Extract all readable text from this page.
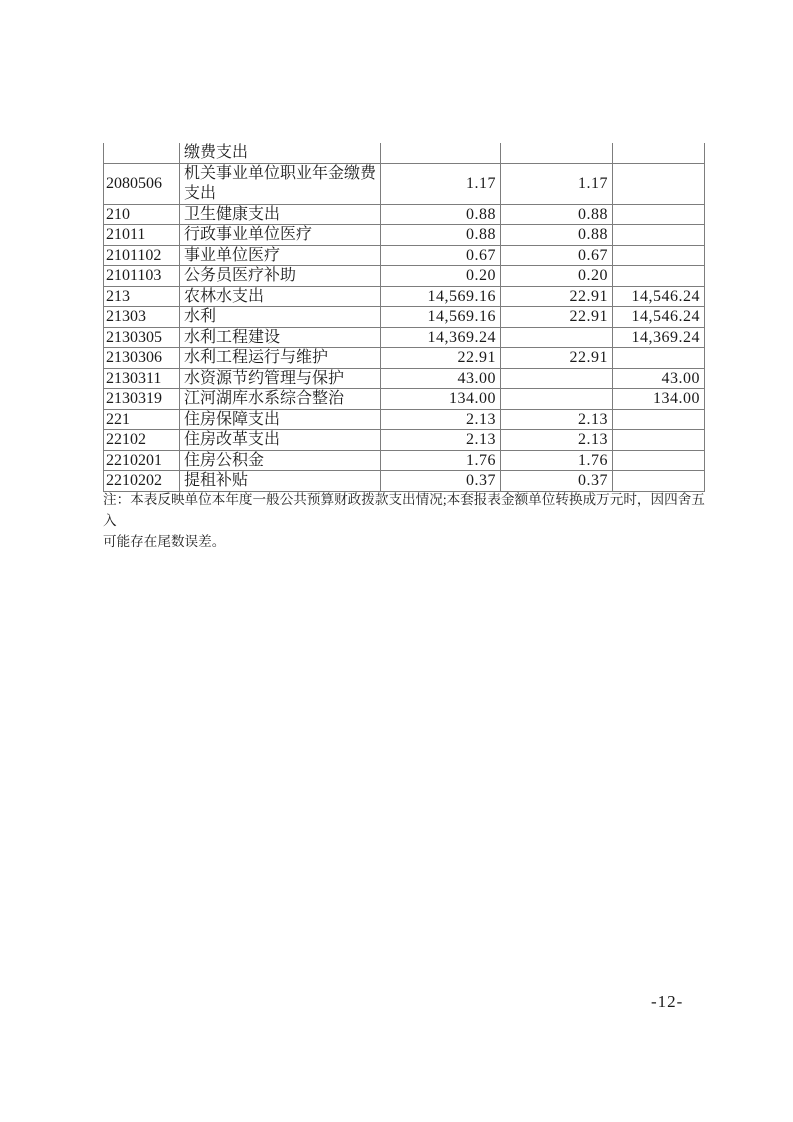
	缴费支出			
2080506	机关事业单位职业年金缴费支出	1.17	1.17	
210	卫生健康支出	0.88	0.88	
21011	行政事业单位医疗	0.88	0.88	
2101102	事业单位医疗	0.67	0.67	
2101103	公务员医疗补助	0.20	0.20	
213	农林水支出	14,569.16	22.91	14,546.24
21303	水利	14,569.16	22.91	14,546.24
2130305	水利工程建设	14,369.24		14,369.24
2130306	水利工程运行与维护	22.91	22.91	
2130311	水资源节约管理与保护	43.00		43.00
2130319	江河湖库水系综合整治	134.00		134.00
221	住房保障支出	2.13	2.13	
22102	住房改革支出	2.13	2.13	
2210201	住房公积金	1.76	1.76	
2210202	提租补贴	0.37	0.37	
注：本表反映单位本年度一般公共预算财政拨款支出情况;本套报表金额单位转换成万元时，因四舍五入
可能存在尾数误差。
-12-
